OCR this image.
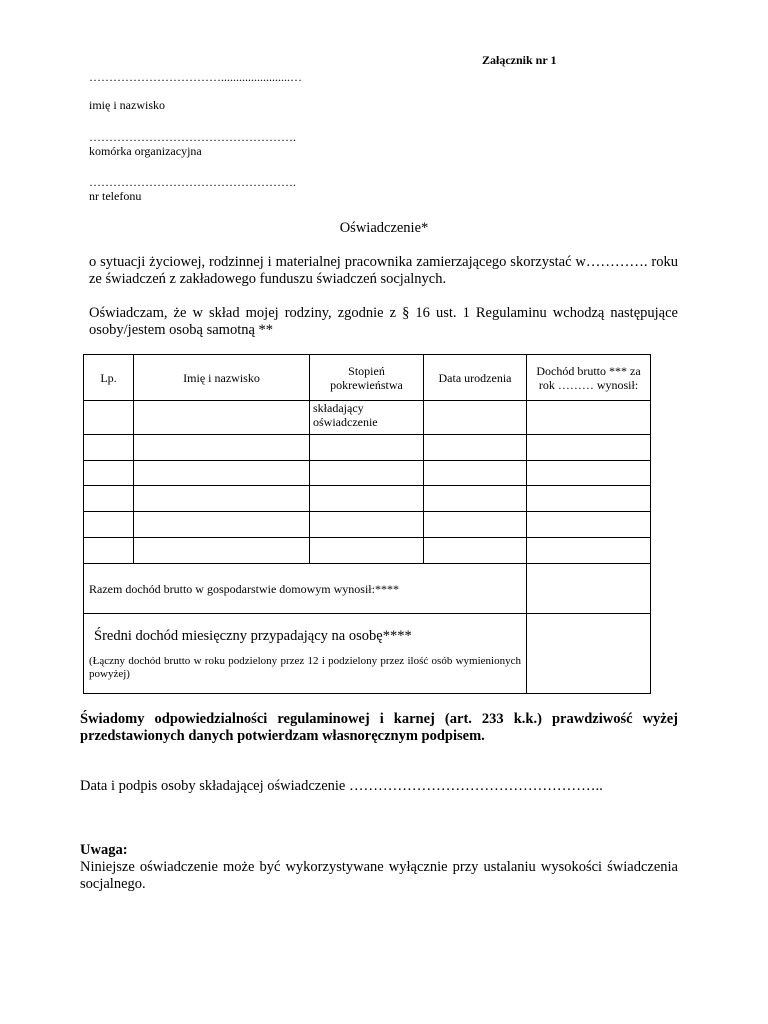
Załącznik nr 1
…………………………….......................…
imię i nazwisko
…………………………………………….
komórka organizacyjna
…………………………………………….
nr telefonu
Oświadczenie*
o sytuacji życiowej, rodzinnej i materialnej pracownika zamierzającego skorzystać w…………. roku ze świadczeń z zakładowego funduszu świadczeń socjalnych.
Oświadczam, że w skład mojej rodziny, zgodnie z § 16 ust. 1 Regulaminu wchodzą następujące osoby/jestem osobą samotną **
Lp.	Imię i nazwisko	Stopień pokrewieństwa	Data urodzenia	Dochód brutto *** za rok ……… wynosił:
		składający oświadczenie		

Razem dochód brutto w gospodarstwie domowym wynosił:****				

Średni dochód miesięczny przypadający na osobę****
(Łączny dochód brutto w roku podzielony przez 12 i podzielony przez ilość osób wymienionych powyżej)				

Świadomy odpowiedzialności regulaminowej i karnej (art. 233 k.k.) prawdziwość wyżej przedstawionych danych potwierdzam własnoręcznym podpisem.
Data i podpis osoby składającej oświadczenie ……………………………………………..
Uwaga:
Niniejsze oświadczenie może być wykorzystywane wyłącznie przy ustalaniu wysokości świadczenia socjalnego.
